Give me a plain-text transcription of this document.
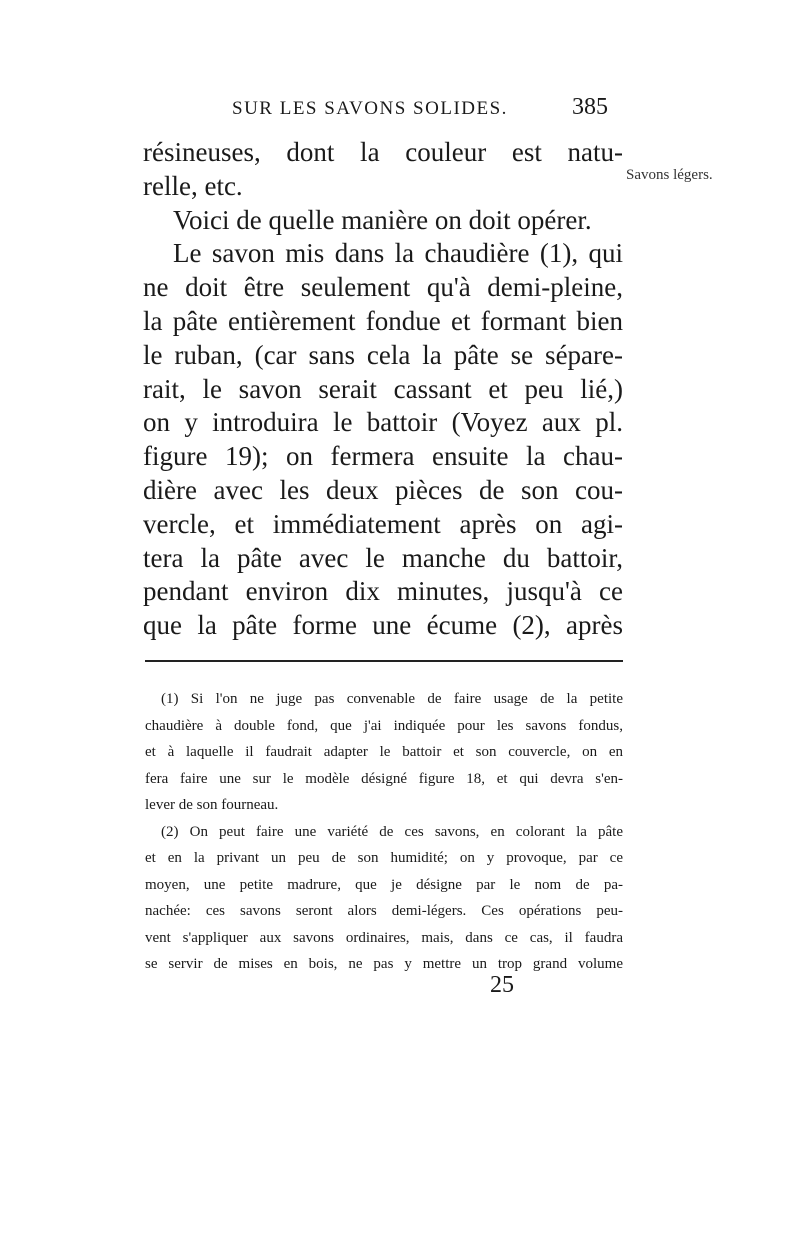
SUR LES SAVONS SOLIDES.	385
Savons légers.
résineuses, dont la couleur est natu-
relle, etc.
Voici de quelle manière on doit opérer.
Le savon mis dans la chaudière (1), qui
ne doit être seulement qu'à demi-pleine,
la pâte entièrement fondue et formant bien
le ruban, (car sans cela la pâte se sépare-
rait, le savon serait cassant et peu lié,)
on y introduira le battoir (Voyez aux pl.
figure 19); on fermera ensuite la chau-
dière avec les deux pièces de son cou-
vercle, et immédiatement après on agi-
tera la pâte avec le manche du battoir,
pendant environ dix minutes, jusqu'à ce
que la pâte forme une écume (2), après
(1) Si l'on ne juge pas convenable de faire usage de la petite
chaudière à double fond, que j'ai indiquée pour les savons fondus,
et à laquelle il faudrait adapter le battoir et son couvercle, on en
fera faire une sur le modèle désigné figure 18, et qui devra s'en-
lever de son fourneau.
(2) On peut faire une variété de ces savons, en colorant la pâte
et en la privant un peu de son humidité; on y provoque, par ce
moyen, une petite madrure, que je désigne par le nom de pa-
nachée: ces savons seront alors demi-légers. Ces opérations peu-
vent s'appliquer aux savons ordinaires, mais, dans ce cas, il faudra
se servir de mises en bois, ne pas y mettre un trop grand volume
25
